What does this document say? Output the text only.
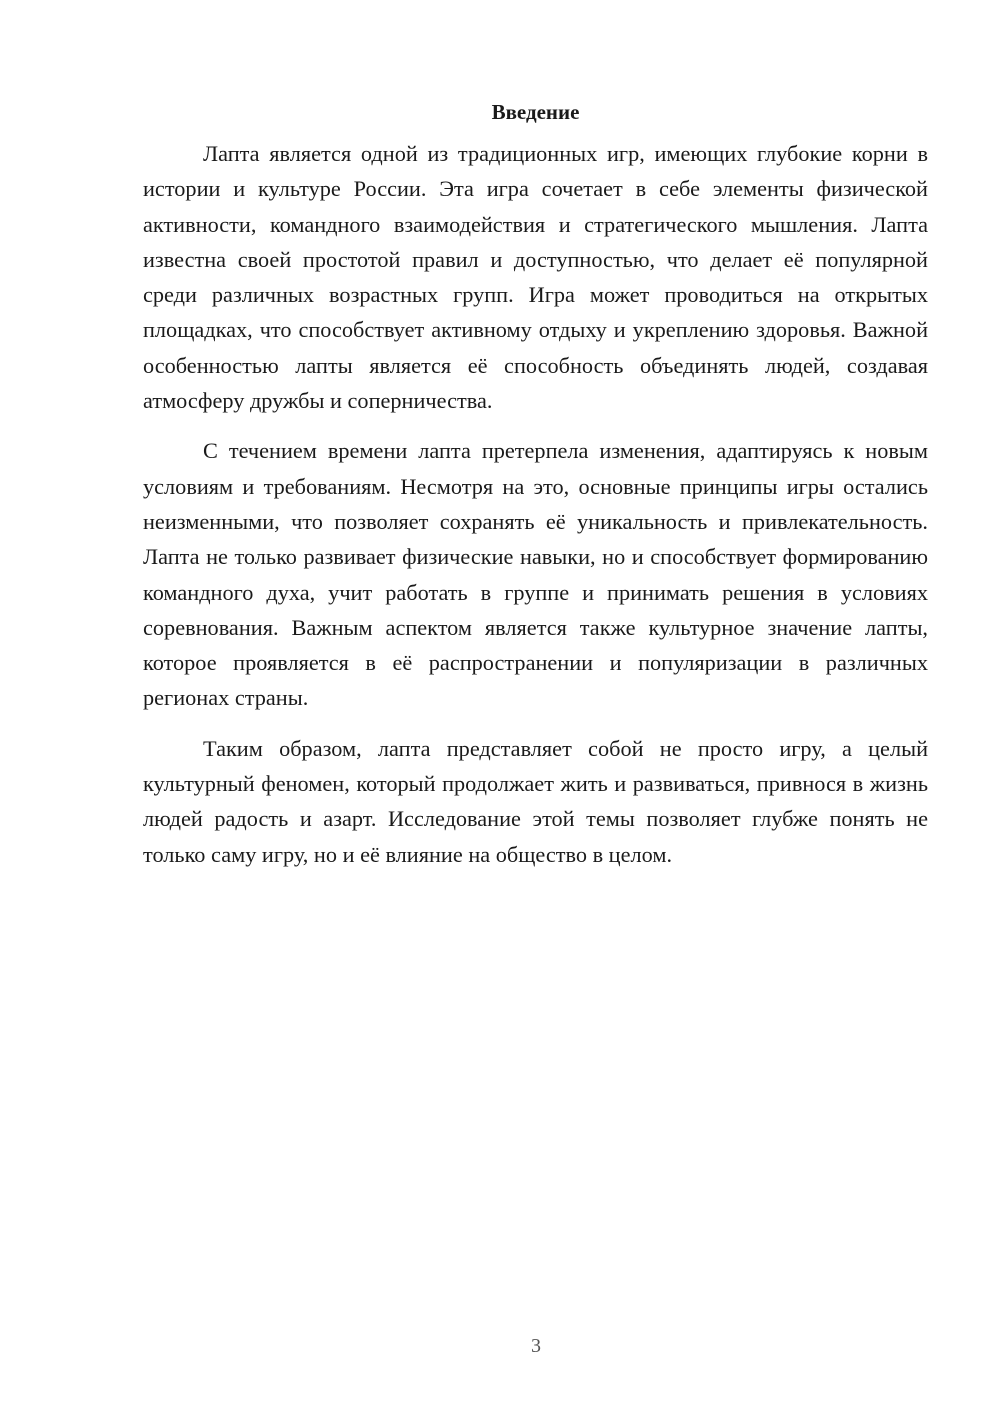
Введение

Лапта является одной из традиционных игр, имеющих глубокие корни в истории и культуре России. Эта игра сочетает в себе элементы физической активности, командного взаимодействия и стратегического мышления. Лапта известна своей простотой правил и доступностью, что делает её популярной среди различных возрастных групп. Игра может проводиться на открытых площадках, что способствует активному отдыху и укреплению здоровья. Важной особенностью лапты является её способность объединять людей, создавая атмосферу дружбы и соперничества.

С течением времени лапта претерпела изменения, адаптируясь к новым условиям и требованиям. Несмотря на это, основные принципы игры остались неизменными, что позволяет сохранять её уникальность и привлекательность. Лапта не только развивает физические навыки, но и способствует формированию командного духа, учит работать в группе и принимать решения в условиях соревнования. Важным аспектом является также культурное значение лапты, которое проявляется в её распространении и популяризации в различных регионах страны.

Таким образом, лапта представляет собой не просто игру, а целый культурный феномен, который продолжает жить и развиваться, привнося в жизнь людей радость и азарт. Исследование этой темы позволяет глубже понять не только саму игру, но и её влияние на общество в целом.

3
